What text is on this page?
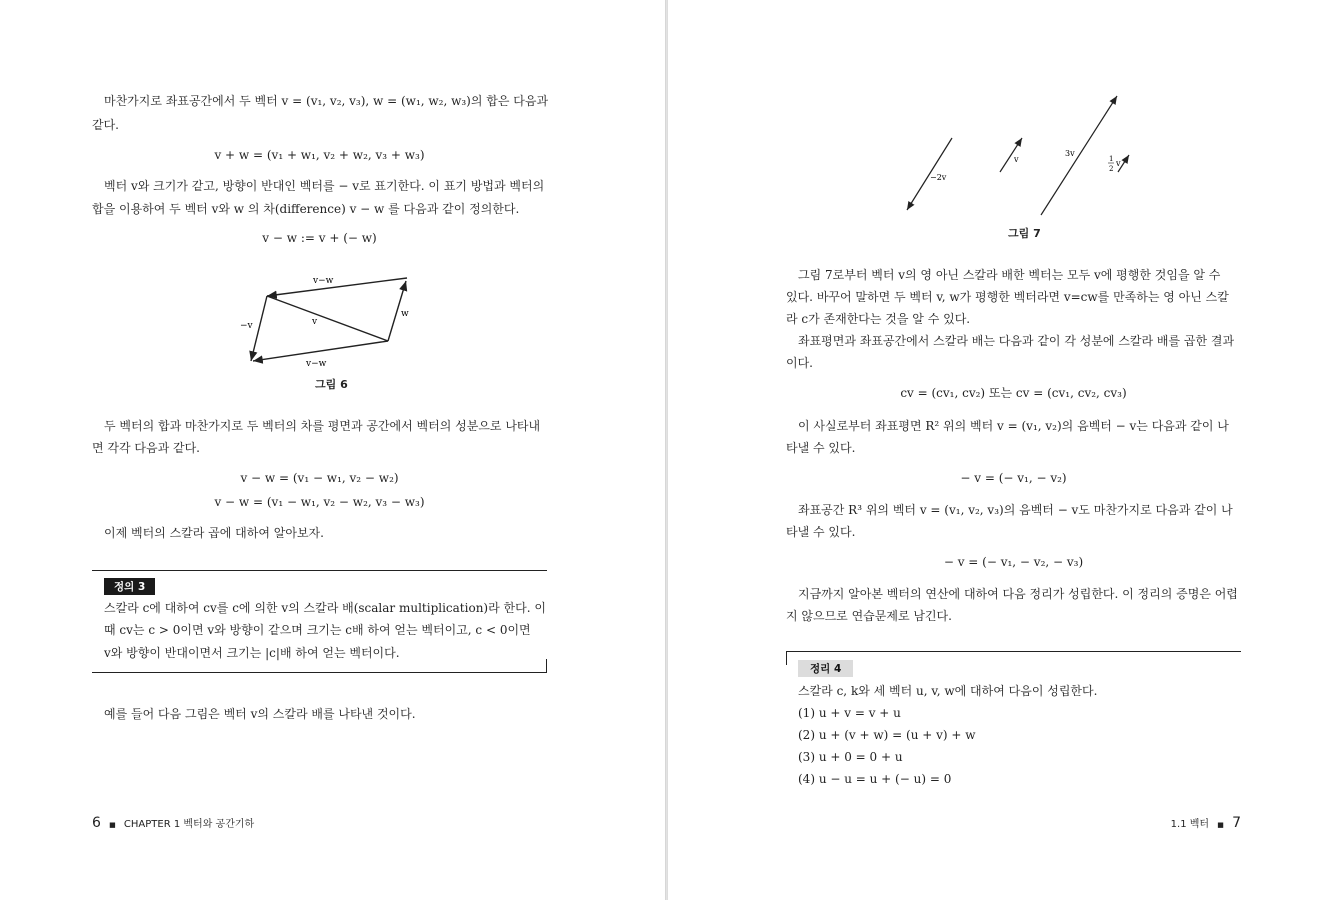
마찬가지로 좌표공간에서 두 벡터 v = (v₁, v₂, v₃), w = (w₁, w₂, w₃)의 합은 다음과
같다.
v + w = (v₁ + w₁, v₂ + w₂, v₃ + w₃)
벡터 v와 크기가 같고, 방향이 반대인 벡터를 − v로 표기한다. 이 표기 방법과 벡터의
합을 이용하여 두 벡터 v와 w 의 차(difference) v − w 를 다음과 같이 정의한다.
v − w := v + (− w)
v−w
−v	v
w
v−w
그림 6
두 벡터의 합과 마찬가지로 두 벡터의 차를 평면과 공간에서 벡터의 성분으로 나타내
면 각각 다음과 같다.
v − w = (v₁ − w₁, v₂ − w₂)
v − w = (v₁ − w₁, v₂ − w₂, v₃ − w₃)
이제 벡터의 스칼라 곱에 대하여 알아보자.
정의 3
스칼라 c에 대하여 cv를 c에 의한 v의 스칼라 배(scalar multiplication)라 한다. 이
때 cv는 c > 0이면 v와 방향이 같으며 크기는 c배 하여 얻는 벡터이고, c < 0이면
v와 방향이 반대이면서 크기는 |c|배 하여 얻는 벡터이다.
예를 들어 다음 그림은 벡터 v의 스칼라 배를 나타낸 것이다.
6 ■ CHAPTER 1 벡터와 공간기하
−2v
v
3v
1
2
v
그림 7
그림 7로부터 벡터 v의 영 아닌 스칼라 배한 벡터는 모두 v에 평행한 것임을 알 수
있다. 바꾸어 말하면 두 벡터 v, w가 평행한 벡터라면 v=cw를 만족하는 영 아닌 스칼
라 c가 존재한다는 것을 알 수 있다.
좌표평면과 좌표공간에서 스칼라 배는 다음과 같이 각 성분에 스칼라 배를 곱한 결과
이다.
cv = (cv₁, cv₂) 또는 cv = (cv₁, cv₂, cv₃)
이 사실로부터 좌표평면 R² 위의 벡터 v = (v₁, v₂)의 음벡터 − v는 다음과 같이 나
타낼 수 있다.
− v = (− v₁, − v₂)
좌표공간 R³ 위의 벡터 v = (v₁, v₂, v₃)의 음벡터 − v도 마찬가지로 다음과 같이 나
타낼 수 있다.
− v = (− v₁, − v₂, − v₃)
지금까지 알아본 벡터의 연산에 대하여 다음 정리가 성립한다. 이 정리의 증명은 어렵
지 않으므로 연습문제로 남긴다.
정리 4
스칼라 c, k와 세 벡터 u, v, w에 대하여 다음이 성립한다.
(1) u + v = v + u
(2) u + (v + w) = (u + v) + w
(3) u + 0 = 0 + u
(4) u − u = u + (− u) = 0
1.1 벡터 ■ 7
